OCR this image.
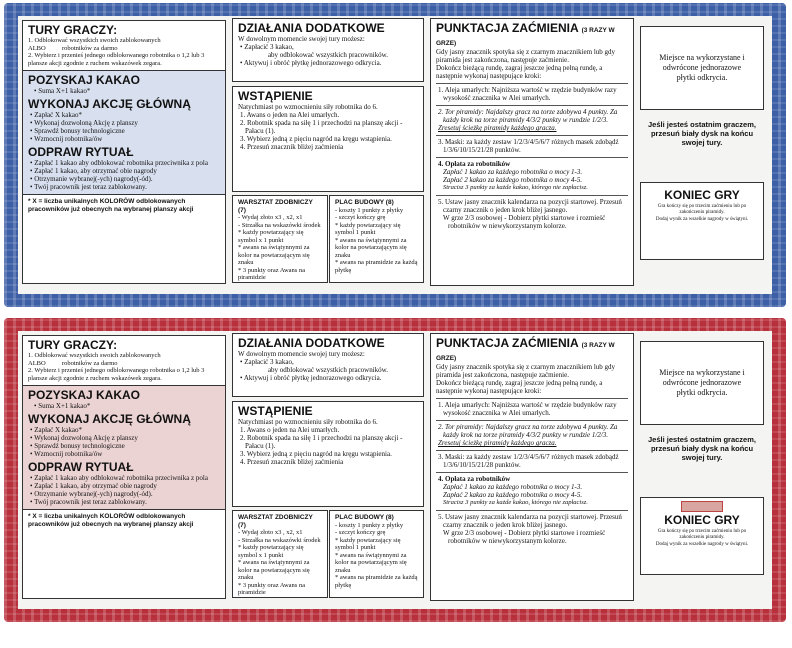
TURY GRACZY:

1. Odblokować wszystkich swoich zablokowanych

ALBO	robotników za darmo

2. Wybierz i przenieś jednego odblokowanego robotnika o 1,2 lub 3 plansze akcji zgodnie z ruchem wskazówek zegara.

POZYSKAJ KAKAO

• Suma X+1 kakao*

WYKONAJ AKCJĘ GŁÓWNĄ

• Zapłać X kakao*

• Wykonaj dozwoloną Akcję z planszy

• Sprawdź bonusy technologiczne

• Wzmocnij robotnika/ów

ODPRAW RYTUAŁ

• Zapłać 1 kakao aby odblokować robotnika przeciwnika z pola

• Zapłać 1 kakao, aby otrzymać obie nagrody

• Otrzymanie wybranej(-ych) nagrody(-ód).

• Twój pracownik jest teraz zablokowany.

* X = liczba unikalnych KOLORÓW odblokowanych pracowników już obecnych na wybranej planszy akcji

DZIAŁANIA DODATKOWE

W dowolnym momencie swojej tury możesz:

• Zapłacić 3 kakao,

aby odblokować wszystkich pracowników.

• Aktywuj i obróć płytkę jednorazowego odkrycia.

WSTĄPIENIE

Natychmiast po wzmocnieniu siły robotnika do 6.

1. Awans o jeden na Alei umarłych.

2. Robotnik spada na siłę 1 i przechodzi na planszę akcji - Pałacu (1).

3. Wybierz jedną z pięciu nagród na kręgu wstąpienia.

4. Przesuń znacznik bliżej zaćmienia

WARSZTAT ZDOBNICZY (7)

- Wydaj złoto x3 , x2, x1

- Strzałka na wskazówki środek

* każdy powtarzający się symbol x 1 punkt

* awans na świątynnymi za kolor na powtarzającym się znaku

* 3 punkty oraz Awans na piramidzie

PLAC BUDOWY (8)

- koszty 1 punkty z płytky

- szczyt kończy grę

* każdy powtarzający się symbol 1 punkt

* awans na świątynnymi za kolor na powtarzającym się znaku

* awans na piramidzie za każdą płytkę

PUNKTACJA ZAĆMIENIA (3 RAZY W GRZE)

Gdy jasny znacznik spotyka się z czarnym znacznikiem lub gdy piramida jest zakończona, następuje zaćmienie.

Dokończ bieżącą rundę, zagraj jeszcze jedną pełną rundę, a następnie wykonaj następujące kroki:

1. Aleja umarłych: Najniższa wartość w rzędzie budynków razy wysokość znacznika w Alei umarłych.

2. Tor piramidy: Najdalszy gracz na torze zdobywa 4 punkty. Za każdy krok na torze piramidy 4/3/2 punkty w rundzie 1/2/3.

Zresetuj ścieżkę piramidy każdego gracza.

3. Maski: za każdy zestaw 1/2/3/4/5/6/7 różnych masek zdobądź 1/3/6/10/15/21/28 punktów.

4. Opłata za robotników

Zapłać 1 kakao za każdego robotnika o mocy 1-3.

Zapłać 2 kakao za każdego robotnika o mocy 4-5.

Stracisz 3 punkty za każde kakao, którego nie zapłacisz.

5. Ustaw jasny znacznik kalendarza na pozycji startowej. Przesuń czarny znacznik o jeden krok bliżej jasnego.

W grze 2/3 osobowej - Dobierz płytki startowe i rozmieść robotników w niewykorzystanym kolorze.

Miejsce na wykorzystane i odwrócone jednorazowe płytki odkrycia.

Jeśli jesteś ostatnim graczem, przesuń biały dysk na końcu swojej tury.

KONIEC GRY

Gra kończy się po trzecim zaćmieniu lub po zakończeniu piramidy.

Dodaj wynik za wszelkie nagrody w świątyni.

TURY GRACZY:

1. Odblokować wszystkich swoich zablokowanych

ALBO	robotników za darmo

2. Wybierz i przenieś jednego odblokowanego robotnika o 1,2 lub 3 plansze akcji zgodnie z ruchem wskazówek zegara.

POZYSKAJ KAKAO

• Suma X+1 kakao*

WYKONAJ AKCJĘ GŁÓWNĄ

• Zapłać X kakao*

• Wykonaj dozwoloną Akcję z planszy

• Sprawdź bonusy technologiczne

• Wzmocnij robotnika/ów

ODPRAW RYTUAŁ

• Zapłać 1 kakao aby odblokować robotnika przeciwnika z pola

• Zapłać 1 kakao, aby otrzymać obie nagrody

• Otrzymanie wybranej(-ych) nagrody(-ód).

• Twój pracownik jest teraz zablokowany.

* X = liczba unikalnych KOLORÓW odblokowanych pracowników już obecnych na wybranej planszy akcji

DZIAŁANIA DODATKOWE

W dowolnym momencie swojej tury możesz:

• Zapłacić 3 kakao,

aby odblokować wszystkich pracowników.

• Aktywuj i obróć płytkę jednorazowego odkrycia.

WSTĄPIENIE

Natychmiast po wzmocnieniu siły robotnika do 6.

1. Awans o jeden na Alei umarłych.

2. Robotnik spada na siłę 1 i przechodzi na planszę akcji - Pałacu (1).

3. Wybierz jedną z pięciu nagród na kręgu wstąpienia.

4. Przesuń znacznik bliżej zaćmienia

WARSZTAT ZDOBNICZY (7)

- Wydaj złoto x3 , x2, x1

- Strzałka na wskazówki środek

* każdy powtarzający się symbol x 1 punkt

* awans na świątynnymi za kolor na powtarzającym się znaku

* 3 punkty oraz Awans na piramidzie

PLAC BUDOWY (8)

- koszty 1 punkty z płytky

- szczyt kończy grę

* każdy powtarzający się symbol 1 punkt

* awans na świątynnymi za kolor na powtarzającym się znaku

* awans na piramidzie za każdą płytkę

PUNKTACJA ZAĆMIENIA (3 RAZY W GRZE)

Gdy jasny znacznik spotyka się z czarnym znacznikiem lub gdy piramida jest zakończona, następuje zaćmienie.

Dokończ bieżącą rundę, zagraj jeszcze jedną pełną rundę, a następnie wykonaj następujące kroki:

1. Aleja umarłych: Najniższa wartość w rzędzie budynków razy wysokość znacznika w Alei umarłych.

2. Tor piramidy: Najdalszy gracz na torze zdobywa 4 punkty. Za każdy krok na torze piramidy 4/3/2 punkty w rundzie 1/2/3.

Zresetuj ścieżkę piramidy każdego gracza.

3. Maski: za każdy zestaw 1/2/3/4/5/6/7 różnych masek zdobądź 1/3/6/10/15/21/28 punktów.

4. Opłata za robotników

Zapłać 1 kakao za każdego robotnika o mocy 1-3.

Zapłać 2 kakao za każdego robotnika o mocy 4-5.

Stracisz 3 punkty za każde kakao, którego nie zapłacisz.

5. Ustaw jasny znacznik kalendarza na pozycji startowej. Przesuń czarny znacznik o jeden krok bliżej jasnego.

W grze 2/3 osobowej - Dobierz płytki startowe i rozmieść robotników w niewykorzystanym kolorze.

Miejsce na wykorzystane i odwrócone jednorazowe płytki odkrycia.

Jeśli jesteś ostatnim graczem, przesuń biały dysk na końcu swojej tury.

KONIEC GRY

Gra kończy się po trzecim zaćmieniu lub po zakończeniu piramidy.

Dodaj wynik za wszelkie nagrody w świątyni.
